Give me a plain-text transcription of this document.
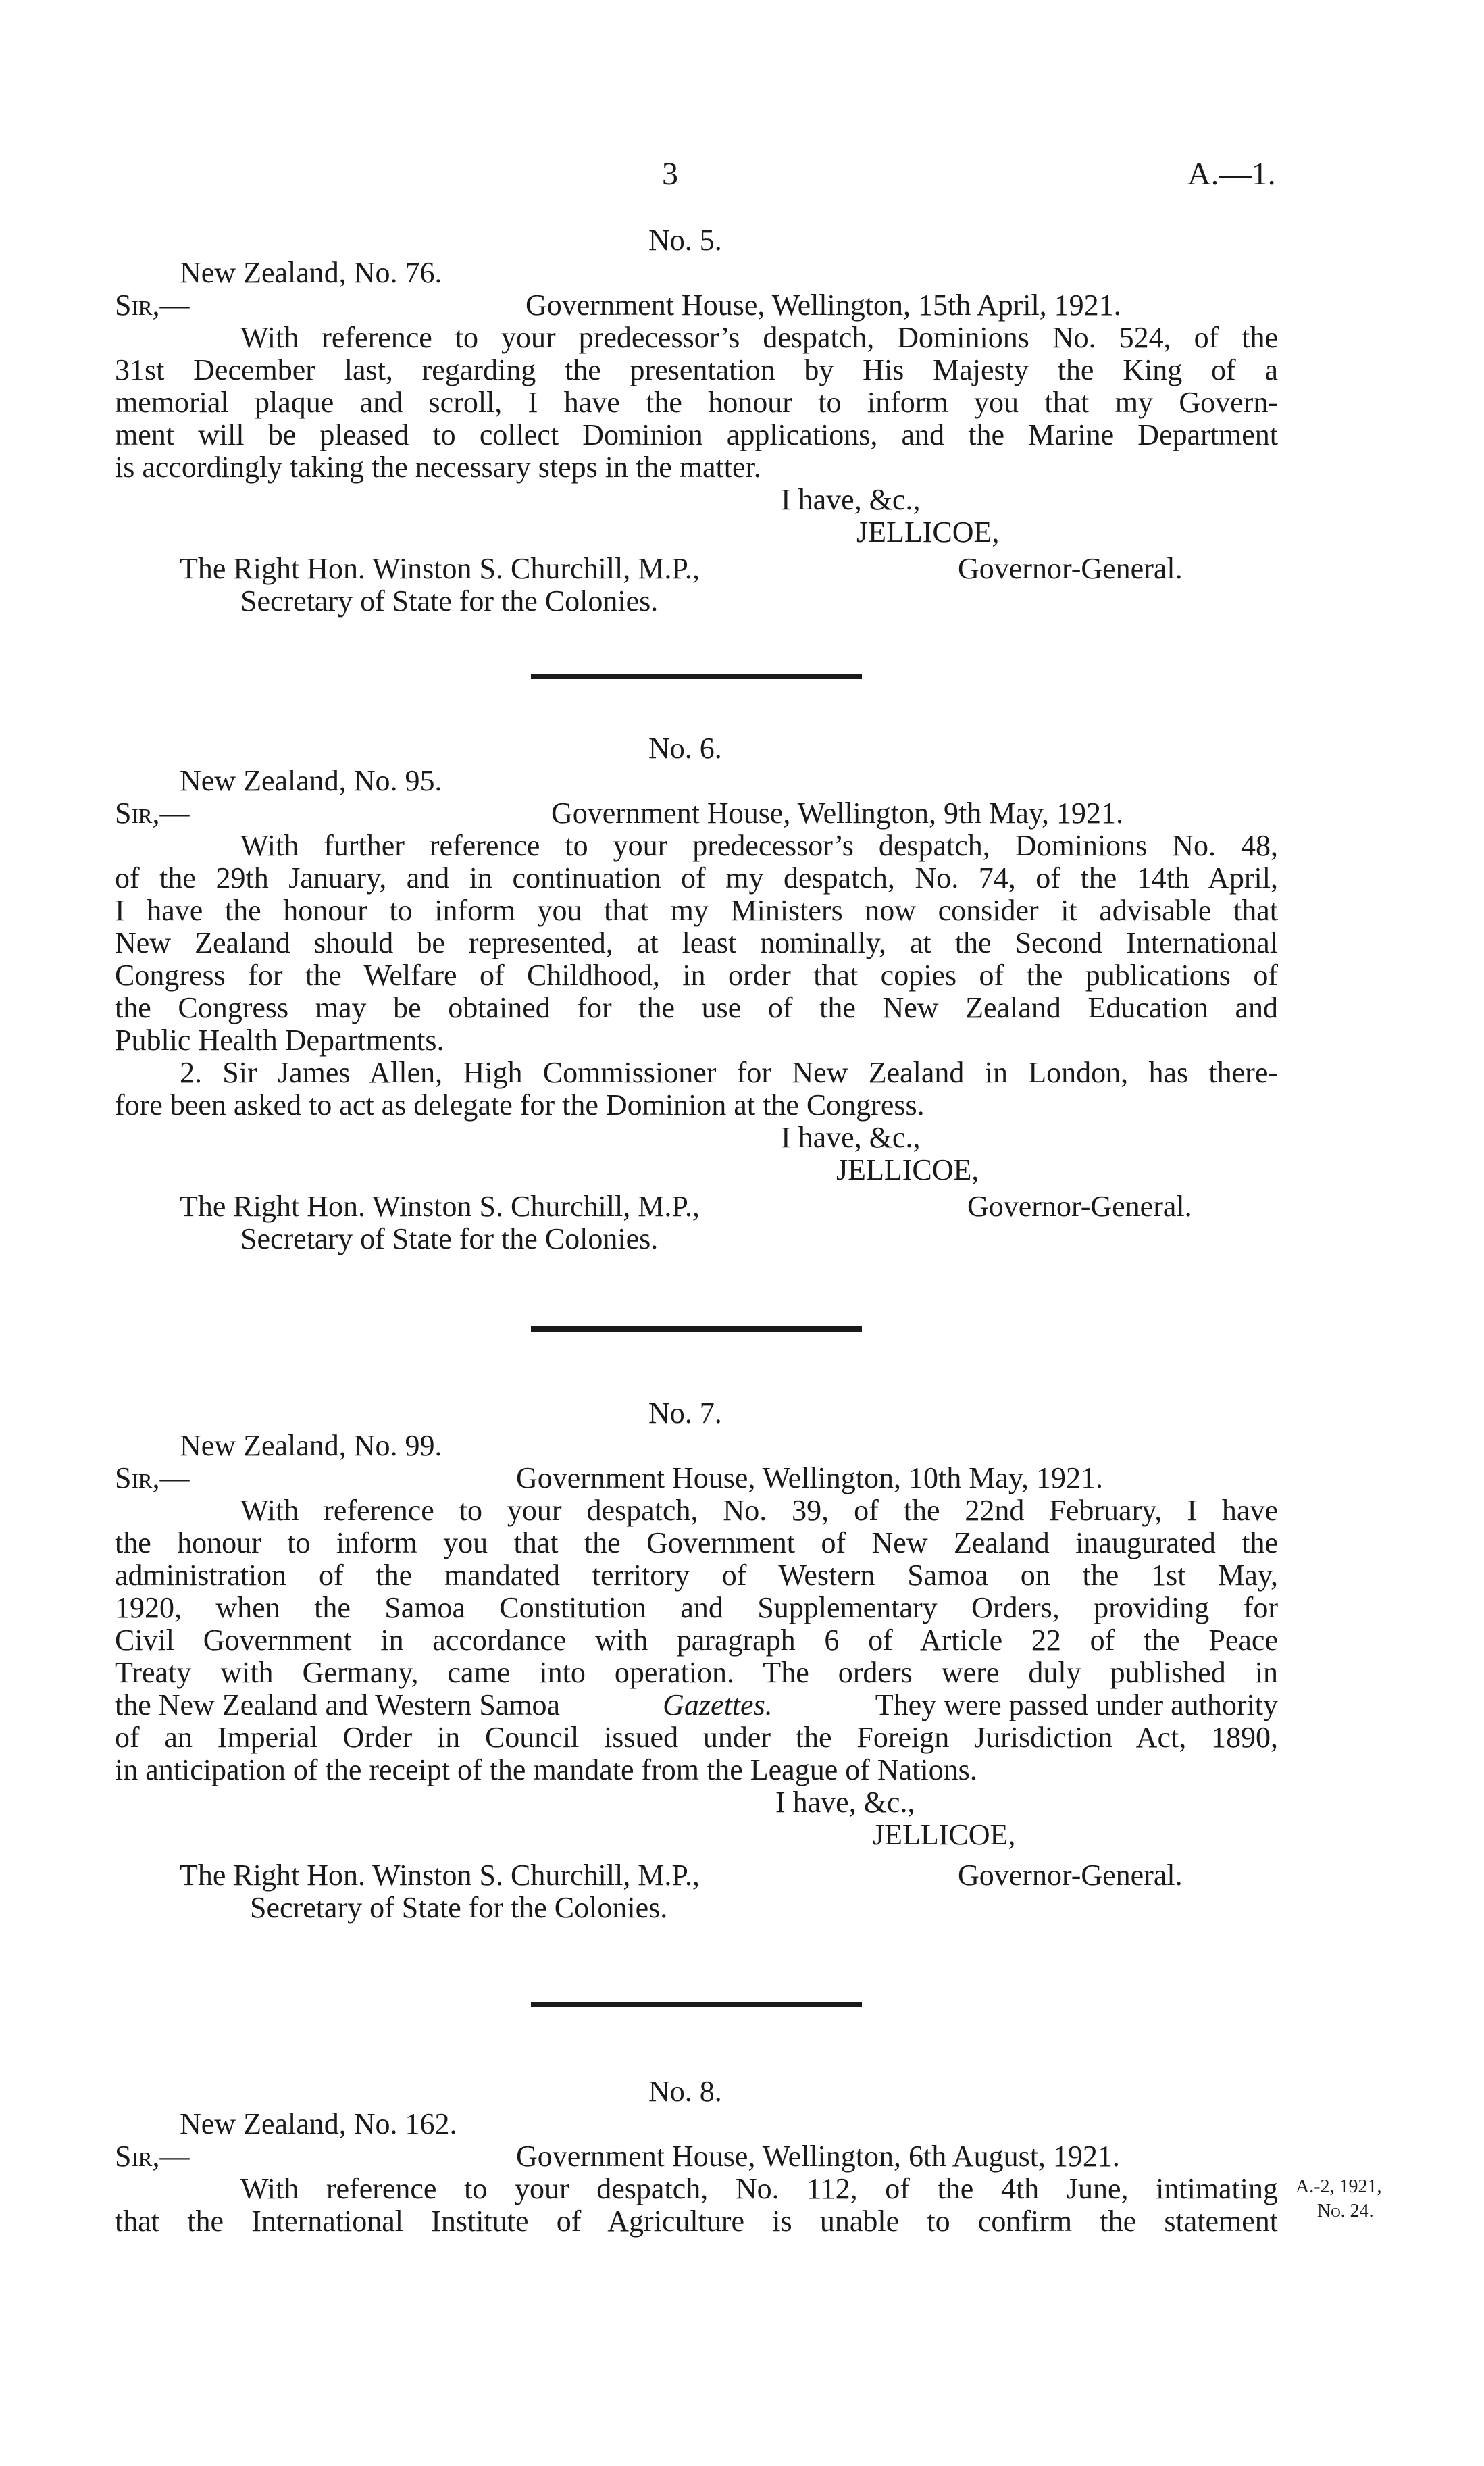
3	A.—1.
No. 5.
New Zealand, No. 76.
Sir,—	Government House, Wellington, 15th April, 1921.
With reference to your predecessor’s despatch, Dominions No. 524, of the
31st December last, regarding the presentation by His Majesty the King of a
memorial plaque and scroll, I have the honour to inform you that my Govern-
ment will be pleased to collect Dominion applications, and the Marine Department
is accordingly taking the necessary steps in the matter.
I have, &c.,
JELLICOE,
The Right Hon. Winston S. Churchill, M.P.,	Governor-General.
Secretary of State for the Colonies.
No. 6.
New Zealand, No. 95.
Sir,—	Government House, Wellington, 9th May, 1921.
With further reference to your predecessor’s despatch, Dominions No. 48,
of the 29th January, and in continuation of my despatch, No. 74, of the 14th April,
I have the honour to inform you that my Ministers now consider it advisable that
New Zealand should be represented, at least nominally, at the Second International
Congress for the Welfare of Childhood, in order that copies of the publications of
the Congress may be obtained for the use of the New Zealand Education and
Public Health Departments.
2. Sir James Allen, High Commissioner for New Zealand in London, has there-
fore been asked to act as delegate for the Dominion at the Congress.
I have, &c.,
JELLICOE,
The Right Hon. Winston S. Churchill, M.P.,	Governor-General.
Secretary of State for the Colonies.
No. 7.
New Zealand, No. 99.
Sir,—	Government House, Wellington, 10th May, 1921.
With reference to your despatch, No. 39, of the 22nd February, I have
the honour to inform you that the Government of New Zealand inaugurated the
administration of the mandated territory of Western Samoa on the 1st May,
1920, when the Samoa Constitution and Supplementary Orders, providing for
Civil Government in accordance with paragraph 6 of Article 22 of the Peace
Treaty with Germany, came into operation. The orders were duly published in
the New Zealand and Western Samoa	Gazettes.	They were passed under authority
of an Imperial Order in Council issued under the Foreign Jurisdiction Act, 1890,
in anticipation of the receipt of the mandate from the League of Nations.
I have, &c.,
JELLICOE,
The Right Hon. Winston S. Churchill, M.P.,	Governor-General.
Secretary of State for the Colonies.
No. 8.
New Zealand, No. 162.
Sir,—	Government House, Wellington, 6th August, 1921.
With reference to your despatch, No. 112, of the 4th June, intimating
that the International Institute of Agriculture is unable to confirm the statement
A.-2, 1921,
No. 24.
